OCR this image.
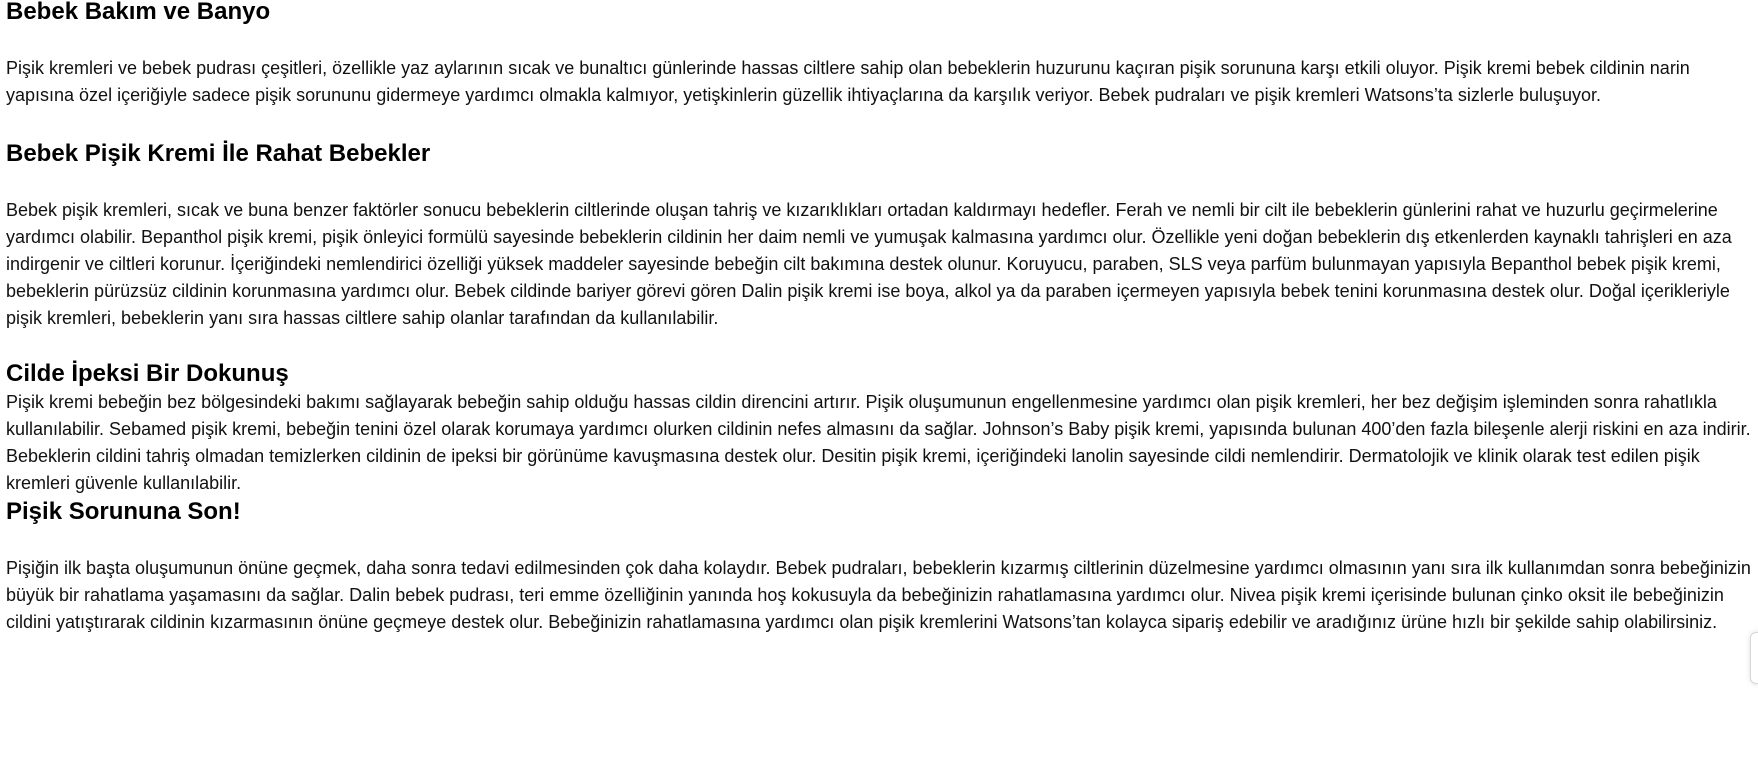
Bebek Bakım ve Banyo

Pişik kremleri ve bebek pudrası çeşitleri, özellikle yaz aylarının sıcak ve bunaltıcı günlerinde hassas ciltlere sahip olan bebeklerin huzurunu kaçıran pişik sorununa karşı etkili oluyor. Pişik kremi bebek cildinin narin yapısına özel içeriğiyle sadece pişik sorununu gidermeye yardımcı olmakla kalmıyor, yetişkinlerin güzellik ihtiyaçlarına da karşılık veriyor. Bebek pudraları ve pişik kremleri Watsons’ta sizlerle buluşuyor.

Bebek Pişik Kremi İle Rahat Bebekler

Bebek pişik kremleri, sıcak ve buna benzer faktörler sonucu bebeklerin ciltlerinde oluşan tahriş ve kızarıklıkları ortadan kaldırmayı hedefler. Ferah ve nemli bir cilt ile bebeklerin günlerini rahat ve huzurlu geçirmelerine yardımcı olabilir. Bepanthol pişik kremi, pişik önleyici formülü sayesinde bebeklerin cildinin her daim nemli ve yumuşak kalmasına yardımcı olur. Özellikle yeni doğan bebeklerin dış etkenlerden kaynaklı tahrişleri en aza indirgenir ve ciltleri korunur. İçeriğindeki nemlendirici özelliği yüksek maddeler sayesinde bebeğin cilt bakımına destek olunur. Koruyucu, paraben, SLS veya parfüm bulunmayan yapısıyla Bepanthol bebek pişik kremi, bebeklerin pürüzsüz cildinin korunmasına yardımcı olur. Bebek cildinde bariyer görevi gören Dalin pişik kremi ise boya, alkol ya da paraben içermeyen yapısıyla bebek tenini korunmasına destek olur. Doğal içerikleriyle pişik kremleri, bebeklerin yanı sıra hassas ciltlere sahip olanlar tarafından da kullanılabilir.

Cilde İpeksi Bir Dokunuş

Pişik kremi bebeğin bez bölgesindeki bakımı sağlayarak bebeğin sahip olduğu hassas cildin direncini artırır. Pişik oluşumunun engellenmesine yardımcı olan pişik kremleri, her bez değişim işleminden sonra rahatlıkla kullanılabilir. Sebamed pişik kremi, bebeğin tenini özel olarak korumaya yardımcı olurken cildinin nefes almasını da sağlar. Johnson’s Baby pişik kremi, yapısında bulunan 400’den fazla bileşenle alerji riskini en aza indirir. Bebeklerin cildini tahriş olmadan temizlerken cildinin de ipeksi bir görünüme kavuşmasına destek olur. Desitin pişik kremi, içeriğindeki lanolin sayesinde cildi nemlendirir. Dermatolojik ve klinik olarak test edilen pişik kremleri güvenle kullanılabilir.

Pişik Sorununa Son!

Pişiğin ilk başta oluşumunun önüne geçmek, daha sonra tedavi edilmesinden çok daha kolaydır. Bebek pudraları, bebeklerin kızarmış ciltlerinin düzelmesine yardımcı olmasının yanı sıra ilk kullanımdan sonra bebeğinizin büyük bir rahatlama yaşamasını da sağlar. Dalin bebek pudrası, teri emme özelliğinin yanında hoş kokusuyla da bebeğinizin rahatlamasına yardımcı olur. Nivea pişik kremi içerisinde bulunan çinko oksit ile bebeğinizin cildini yatıştırarak cildinin kızarmasının önüne geçmeye destek olur. Bebeğinizin rahatlamasına yardımcı olan pişik kremlerini Watsons’tan kolayca sipariş edebilir ve aradığınız ürüne hızlı bir şekilde sahip olabilirsiniz.
